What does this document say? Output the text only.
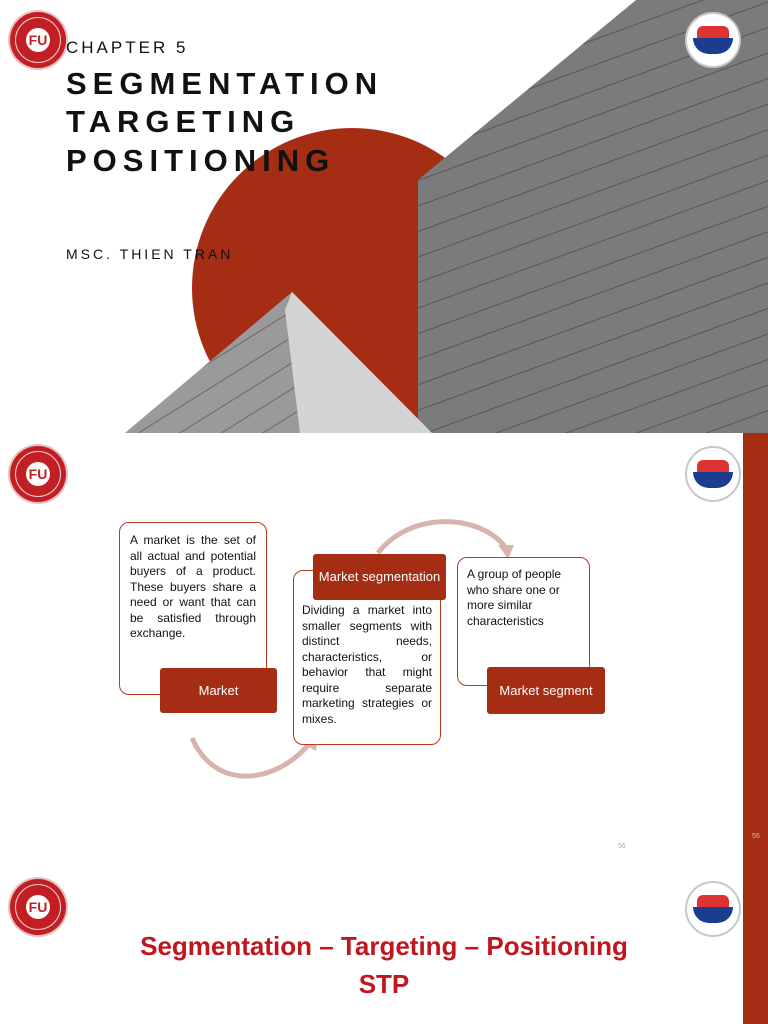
FU CHAPTER 5
SEGMENTATION
TARGETING
POSITIONING
MSC. THIEN TRAN
56
FU
A market is the set of all actual and potential buyers of a product. These buyers share a need or want that can be satisfied through exchange.
Market
Dividing a market into smaller segments with distinct needs, characteristics, or behavior that might require separate marketing strategies or mixes.
Market segmentation	A group of people who share one or more similar characteristics
Market segment
56
FU
Segmentation – Targeting – Positioning
STP
